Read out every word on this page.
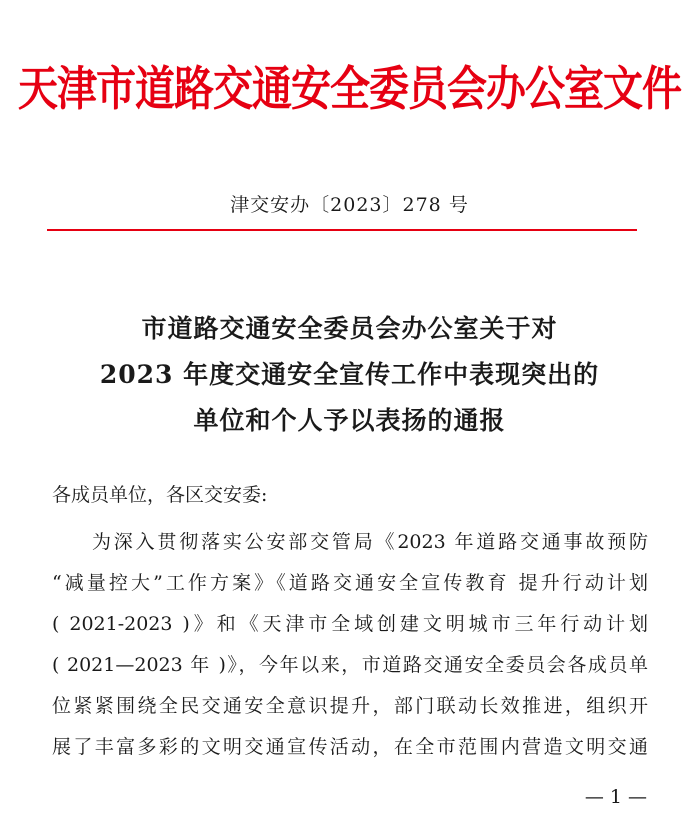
天津市道路交通安全委员会办公室文件
津交安办〔2023〕278 号
市道路交通安全委员会办公室关于对
2023 年度交通安全宣传工作中表现突出的
单位和个人予以表扬的通报
各成员单位，各区交安委:
为深入贯彻落实公安部交管局《2023 年道路交通事故预防
“减量控大”工作方案》《道路交通安全宣传教育 提升行动计划
( 2021-2023 )》和《天津市全域创建文明城市三年行动计划
( 2021—2023 年 )》，今年以来，市道路交通安全委员会各成员单
位紧紧围绕全民交通安全意识提升，部门联动长效推进，组织开
展了丰富多彩的文明交通宣传活动，在全市范围内营造文明交通
— 1 —
